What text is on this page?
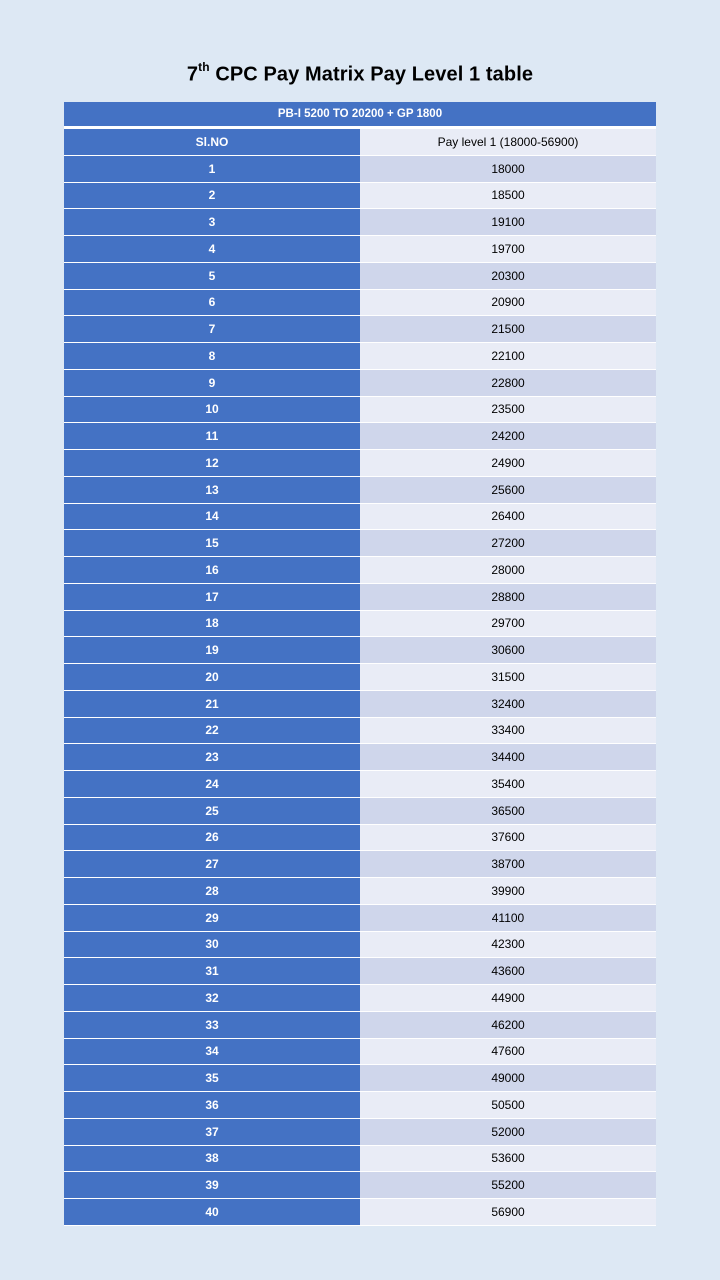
7th CPC Pay Matrix Pay Level 1 table
PB-I 5200 TO 20200 + GP 1800	
Sl.NO	Pay level 1 (18000-56900)
1	18000
2	18500
3	19100
4	19700
5	20300
6	20900
7	21500
8	22100
9	22800
10	23500
11	24200
12	24900
13	25600
14	26400
15	27200
16	28000
17	28800
18	29700
19	30600
20	31500
21	32400
22	33400
23	34400
24	35400
25	36500
26	37600
27	38700
28	39900
29	41100
30	42300
31	43600
32	44900
33	46200
34	47600
35	49000
36	50500
37	52000
38	53600
39	55200
40	56900
